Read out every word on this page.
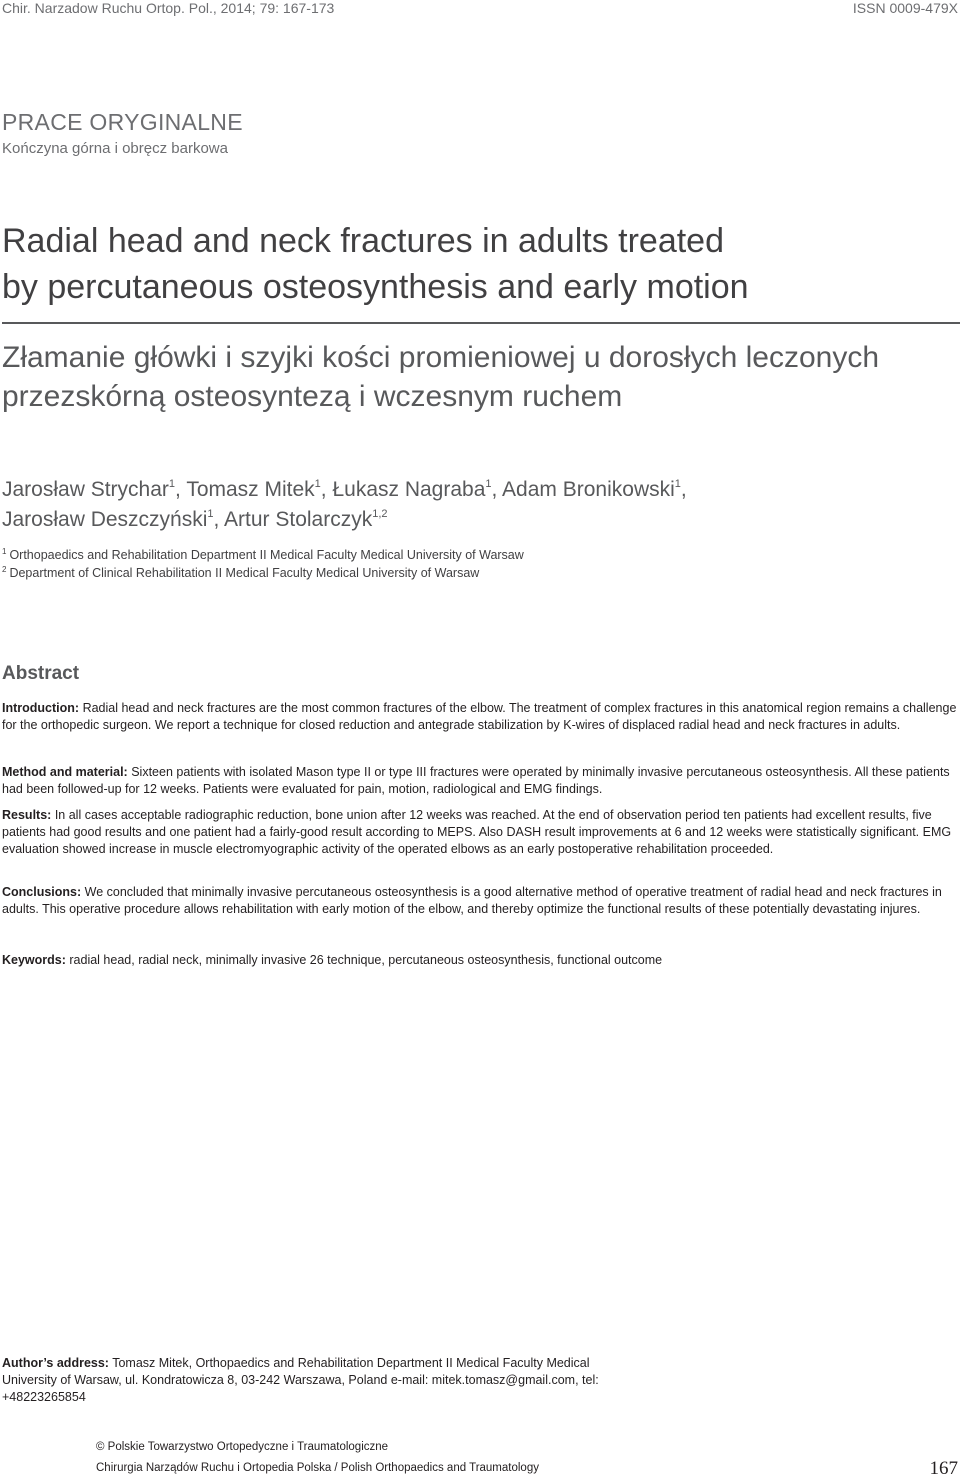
Chir. Narzadow Ruchu Ortop. Pol., 2014; 79: 167-173	ISSN 0009-479X

PRACE ORYGINALNE

Kończyna górna i obręcz barkowa

Radial head and neck fractures in adults treated
by percutaneous osteosynthesis and early motion
Złamanie główki i szyjki kości promieniowej u dorosłych leczonych
przezskórną osteosyntezą i wczesnym ruchem

Jarosław Strychar$^1$, Tomasz Mitek$^1$, Łukasz Nagraba$^1$, Adam Bronikowski$^1$,
Jarosław Deszczyński$^1$, Artur Stolarczyk$^{1,2}$

$^1$ Orthopaedics and Rehabilitation Department II Medical Faculty Medical University of Warsaw

$^2$ Department of Clinical Rehabilitation II Medical Faculty Medical University of Warsaw

Abstract

Introduction: Radial head and neck fractures are the most common fractures of the elbow. The treatment of complex fractures in this anatomical region remains a challenge for the orthopedic surgeon. We report a technique for closed reduction and antegrade stabilization by K-wires of displaced radial head and neck fractures in adults.

Method and material: Sixteen patients with isolated Mason type II or type III fractures were operated by minimally invasive percutaneous osteosynthesis. All these patients had been followed-up for 12 weeks. Patients were evaluated for pain, motion, radiological and EMG findings.

Results: In all cases acceptable radiographic reduction, bone union after 12 weeks was reached. At the end of observation period ten patients had excellent results, five patients had good results and one patient had a fairly-good result according to MEPS. Also DASH result improvements at 6 and 12 weeks were statistically significant. EMG evaluation showed increase in muscle electromyographic activity of the operated elbows as an early postoperative rehabilitation proceeded.

Conclusions: We concluded that minimally invasive percutaneous osteosynthesis is a good alternative method of operative treatment of radial head and neck fractures in adults. This operative procedure allows rehabilitation with early motion of the elbow, and thereby optimize the functional results of these potentially devastating injures.

Keywords: radial head, radial neck, minimally invasive 26 technique, percutaneous osteosynthesis, functional outcome

Author’s address: Tomasz Mitek, Orthopaedics and Rehabilitation Department II Medical Faculty Medical University of Warsaw, ul. Kondratowicza 8, 03-242 Warszawa, Poland e-mail: mitek.tomasz@gmail.com, tel: +48223265854

© Polskie Towarzystwo Ortopedyczne i Traumatologiczne

Chirurgia Narządów Ruchu i Ortopedia Polska / Polish Orthopaedics and Traumatology	167
